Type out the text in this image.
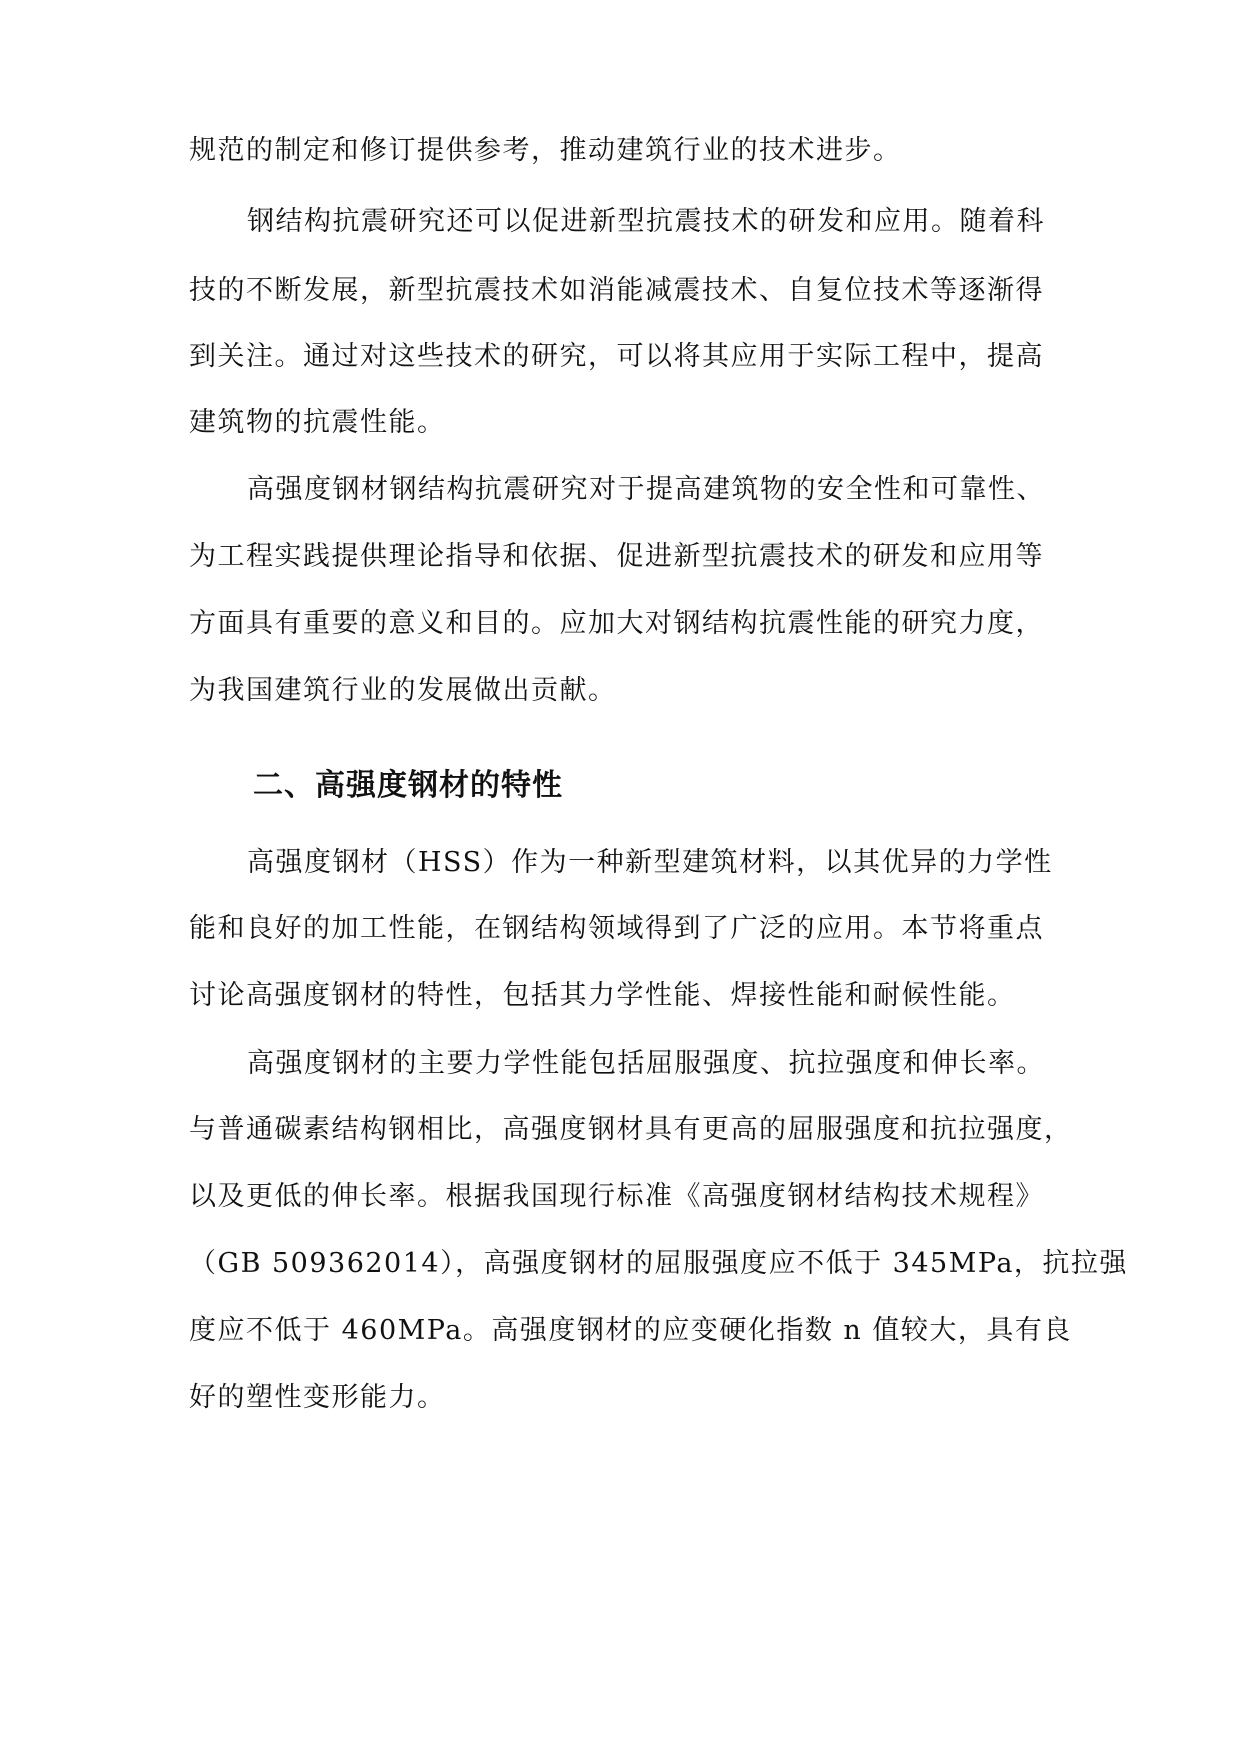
规范的制定和修订提供参考，推动建筑行业的技术进步。
钢结构抗震研究还可以促进新型抗震技术的研发和应用。随着科
技的不断发展，新型抗震技术如消能减震技术、自复位技术等逐渐得
到关注。通过对这些技术的研究，可以将其应用于实际工程中，提高
建筑物的抗震性能。
高强度钢材钢结构抗震研究对于提高建筑物的安全性和可靠性、
为工程实践提供理论指导和依据、促进新型抗震技术的研发和应用等
方面具有重要的意义和目的。应加大对钢结构抗震性能的研究力度，
为我国建筑行业的发展做出贡献。
二、高强度钢材的特性
高强度钢材（HSS）作为一种新型建筑材料，以其优异的力学性
能和良好的加工性能，在钢结构领域得到了广泛的应用。本节将重点
讨论高强度钢材的特性，包括其力学性能、焊接性能和耐候性能。
高强度钢材的主要力学性能包括屈服强度、抗拉强度和伸长率。
与普通碳素结构钢相比，高强度钢材具有更高的屈服强度和抗拉强度，
以及更低的伸长率。根据我国现行标准《高强度钢材结构技术规程》
（GB 509362014），高强度钢材的屈服强度应不低于 345MPa，抗拉强
度应不低于 460MPa。高强度钢材的应变硬化指数 n 值较大，具有良
好的塑性变形能力。
